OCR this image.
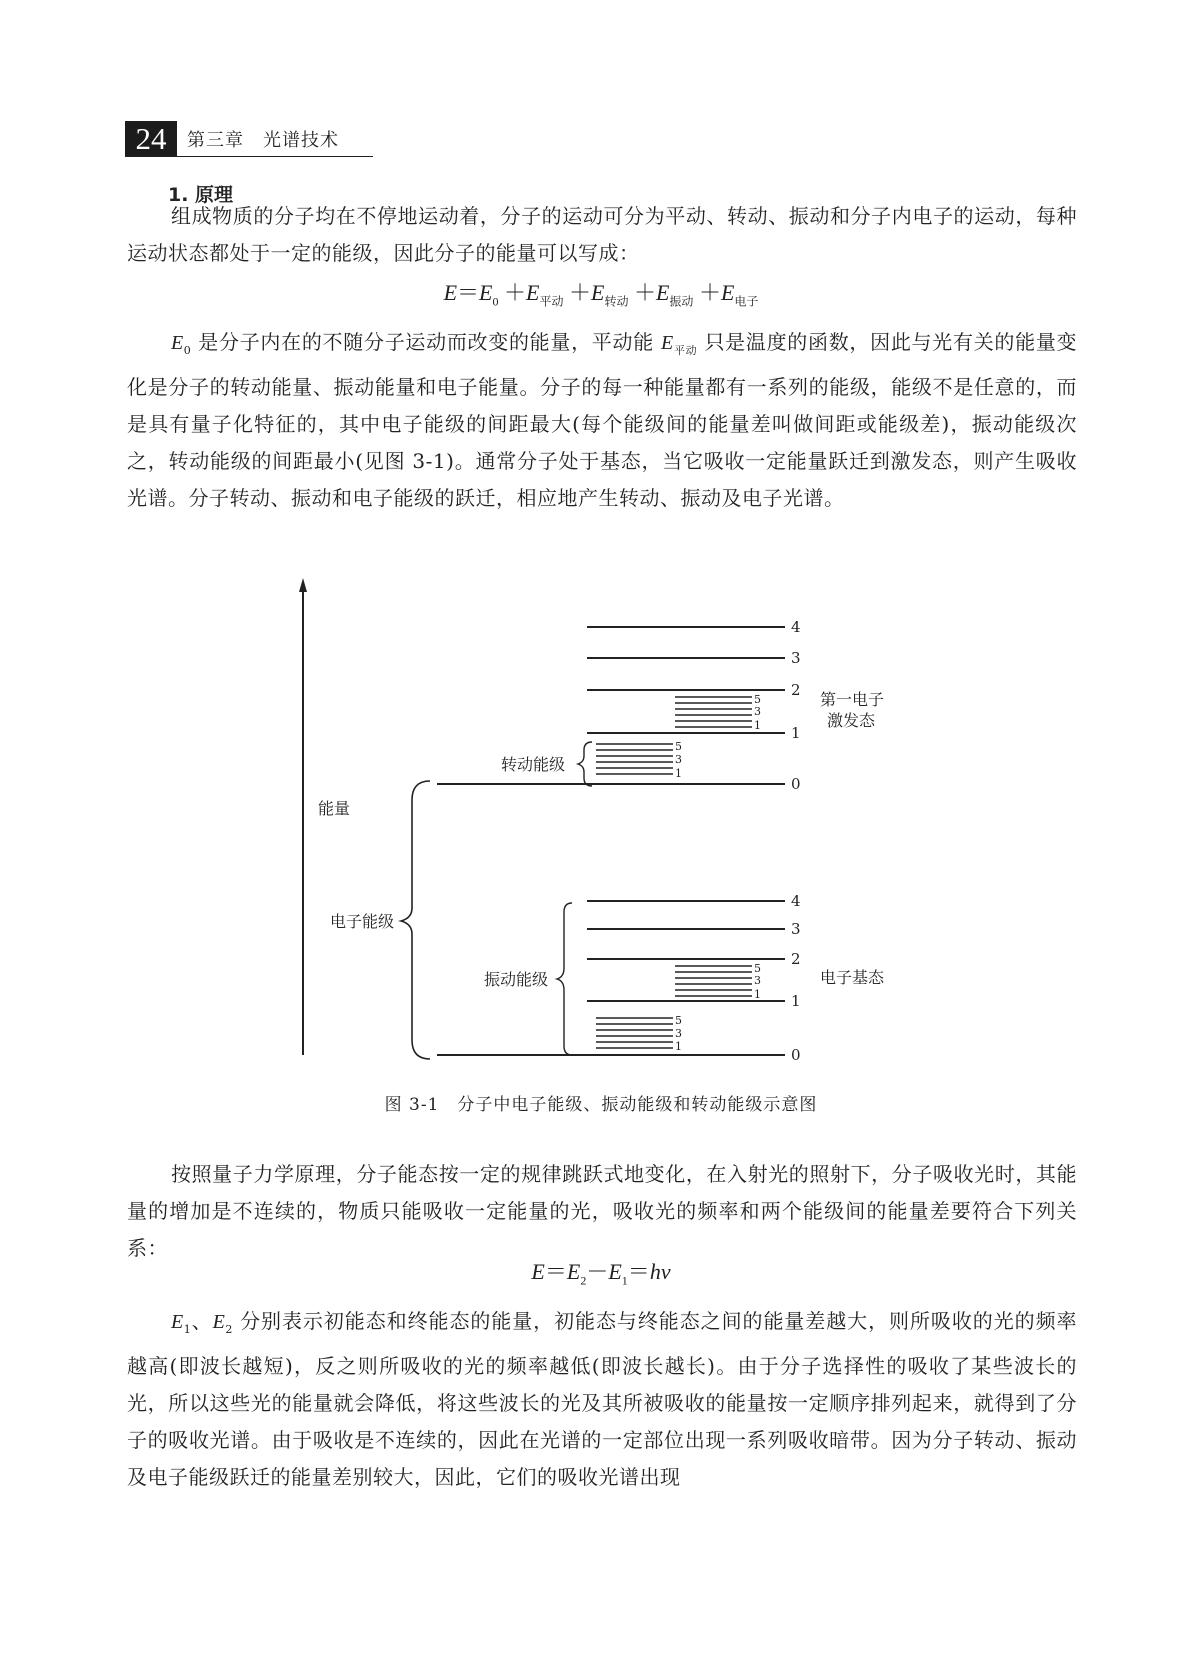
24	第三章　光谱技术
1. 原理

组成物质的分子均在不停地运动着，分子的运动可分为平动、转动、振动和分子内电子的运动，每种运动状态都处于一定的能级，因此分子的能量可以写成：

$E=E_0 +E_{平动} +E_{转动} +E_{振动} +E_{电子}$

$E_0$ 是分子内在的不随分子运动而改变的能量，平动能 $E_{平动}$ 只是温度的函数，因此与光有关的能量变化是分子的转动能量、振动能量和电子能量。分子的每一种能量都有一系列的能级，能级不是任意的，而是具有量子化特征的，其中电子能级的间距最大(每个能级间的能量差叫做间距或能级差)，振动能级次之，转动能级的间距最小(见图 3-1)。通常分子处于基态，当它吸收一定能量跃迁到激发态，则产生吸收光谱。分子转动、振动和电子能级的跃迁，相应地产生转动、振动及电子光谱。

能量
电子能级
4
3
2
1
0
5
3
1
第一电子
激发态
5
3
1
转动能级
4
3
2
1
0
振动能级
5
3
1
5
3
1
电子基态
图 3-1　分子中电子能级、振动能级和转动能级示意图

按照量子力学原理，分子能态按一定的规律跳跃式地变化，在入射光的照射下，分子吸收光时，其能量的增加是不连续的，物质只能吸收一定能量的光，吸收光的频率和两个能级间的能量差要符合下列关系：

$E=E_2-E_1=h\nu$

$E_1$、$E_2$ 分别表示初能态和终能态的能量，初能态与终能态之间的能量差越大，则所吸收的光的频率越高(即波长越短)，反之则所吸收的光的频率越低(即波长越长)。由于分子选择性的吸收了某些波长的光，所以这些光的能量就会降低，将这些波长的光及其所被吸收的能量按一定顺序排列起来，就得到了分子的吸收光谱。由于吸收是不连续的，因此在光谱的一定部位出现一系列吸收暗带。因为分子转动、振动及电子能级跃迁的能量差别较大，因此，它们的吸收光谱出现
